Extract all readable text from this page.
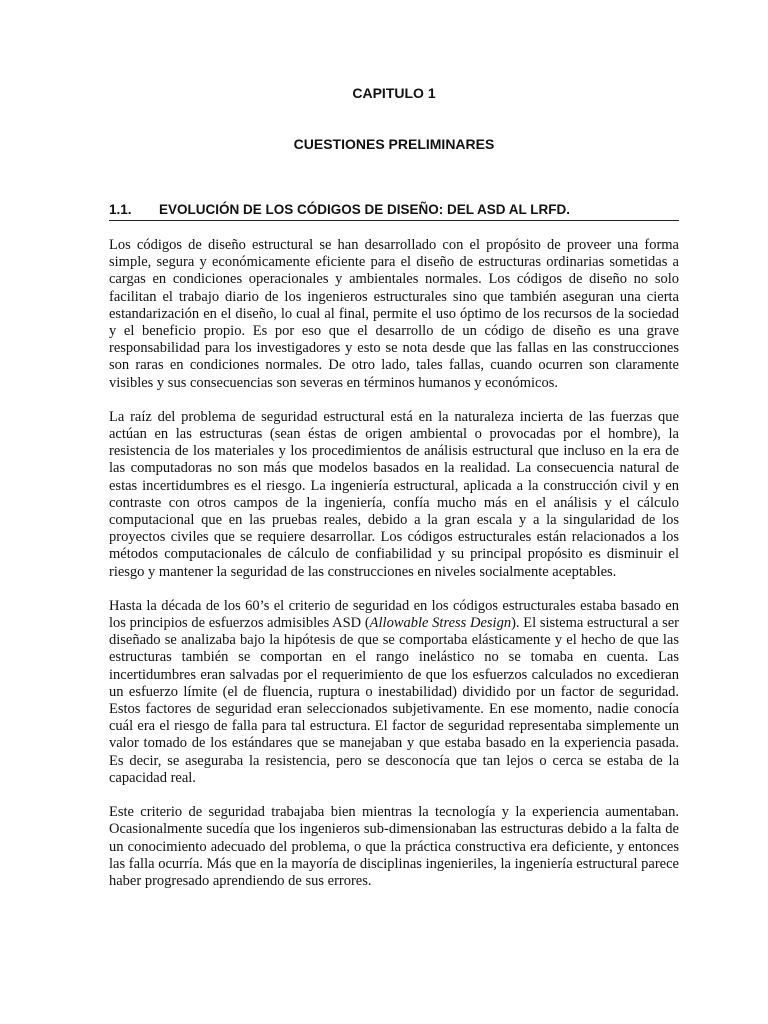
CAPITULO 1
CUESTIONES PRELIMINARES
1.1. EVOLUCIÓN DE LOS CÓDIGOS DE DISEÑO: DEL ASD AL LRFD.

Los códigos de diseño estructural se han desarrollado con el propósito de proveer una forma simple, segura y económicamente eficiente para el diseño de estructuras ordinarias sometidas a cargas en condiciones operacionales y ambientales normales. Los códigos de diseño no solo facilitan el trabajo diario de los ingenieros estructurales sino que también aseguran una cierta estandarización en el diseño, lo cual al final, permite el uso óptimo de los recursos de la sociedad y el beneficio propio. Es por eso que el desarrollo de un código de diseño es una grave responsabilidad para los investigadores y esto se nota desde que las fallas en las construcciones son raras en condiciones normales. De otro lado, tales fallas, cuando ocurren son claramente visibles y sus consecuencias son severas en términos humanos y económicos.

La raíz del problema de seguridad estructural está en la naturaleza incierta de las fuerzas que actúan en las estructuras (sean éstas de origen ambiental o provocadas por el hombre), la resistencia de los materiales y los procedimientos de análisis estructural que incluso en la era de las computadoras no son más que modelos basados en la realidad. La consecuencia natural de estas incertidumbres es el riesgo. La ingeniería estructural, aplicada a la construcción civil y en contraste con otros campos de la ingeniería, confía mucho más en el análisis y el cálculo computacional que en las pruebas reales, debido a la gran escala y a la singularidad de los proyectos civiles que se requiere desarrollar. Los códigos estructurales están relacionados a los métodos computacionales de cálculo de confiabilidad y su principal propósito es disminuir el riesgo y mantener la seguridad de las construcciones en niveles socialmente aceptables.

Hasta la década de los 60’s el criterio de seguridad en los códigos estructurales estaba basado en los principios de esfuerzos admisibles ASD (Allowable Stress Design). El sistema estructural a ser diseñado se analizaba bajo la hipótesis de que se comportaba elásticamente y el hecho de que las estructuras también se comportan en el rango inelástico no se tomaba en cuenta. Las incertidumbres eran salvadas por el requerimiento de que los esfuerzos calculados no excedieran un esfuerzo límite (el de fluencia, ruptura o inestabilidad) dividido por un factor de seguridad. Estos factores de seguridad eran seleccionados subjetivamente. En ese momento, nadie conocía cuál era el riesgo de falla para tal estructura. El factor de seguridad representaba simplemente un valor tomado de los estándares que se manejaban y que estaba basado en la experiencia pasada. Es decir, se aseguraba la resistencia, pero se desconocía que tan lejos o cerca se estaba de la capacidad real.

Este criterio de seguridad trabajaba bien mientras la tecnología y la experiencia aumentaban. Ocasionalmente sucedía que los ingenieros sub-dimensionaban las estructuras debido a la falta de un conocimiento adecuado del problema, o que la práctica constructiva era deficiente, y entonces las falla ocurría. Más que en la mayoría de disciplinas ingenieriles, la ingeniería estructural parece haber progresado aprendiendo de sus errores.
